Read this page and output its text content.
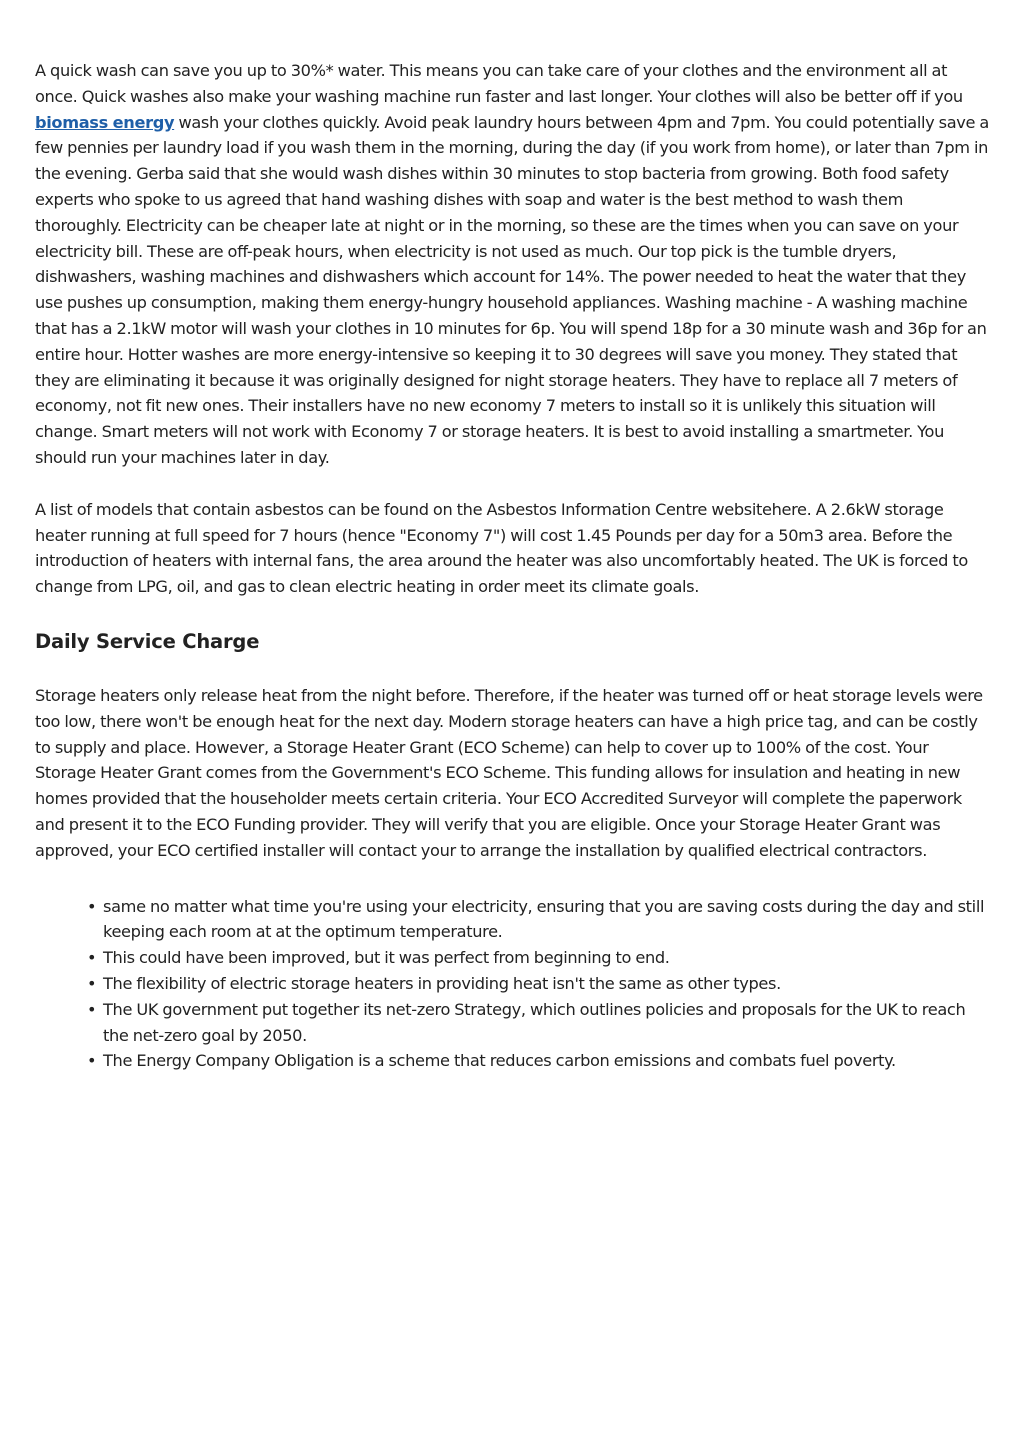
A quick wash can save you up to 30%* water. This means you can take care of your clothes and the environment all at once. Quick washes also make your washing machine run faster and last longer. Your clothes will also be better off if you biomass energy wash your clothes quickly. Avoid peak laundry hours between 4pm and 7pm. You could potentially save a few pennies per laundry load if you wash them in the morning, during the day (if you work from home), or later than 7pm in the evening. Gerba said that she would wash dishes within 30 minutes to stop bacteria from growing. Both food safety experts who spoke to us agreed that hand washing dishes with soap and water is the best method to wash them thoroughly. Electricity can be cheaper late at night or in the morning, so these are the times when you can save on your electricity bill. These are off-peak hours, when electricity is not used as much. Our top pick is the tumble dryers, dishwashers, washing machines and dishwashers which account for 14%. The power needed to heat the water that they use pushes up consumption, making them energy-hungry household appliances. Washing machine - A washing machine that has a 2.1kW motor will wash your clothes in 10 minutes for 6p. You will spend 18p for a 30 minute wash and 36p for an entire hour. Hotter washes are more energy-intensive so keeping it to 30 degrees will save you money. They stated that they are eliminating it because it was originally designed for night storage heaters. They have to replace all 7 meters of economy, not fit new ones. Their installers have no new economy 7 meters to install so it is unlikely this situation will change. Smart meters will not work with Economy 7 or storage heaters. It is best to avoid installing a smartmeter. You should run your machines later in day.

A list of models that contain asbestos can be found on the Asbestos Information Centre websitehere. A 2.6kW storage heater running at full speed for 7 hours (hence "Economy 7") will cost 1.45 Pounds per day for a 50m3 area. Before the introduction of heaters with internal fans, the area around the heater was also uncomfortably heated. The UK is forced to change from LPG, oil, and gas to clean electric heating in order meet its climate goals.

Daily Service Charge

Storage heaters only release heat from the night before. Therefore, if the heater was turned off or heat storage levels were too low, there won't be enough heat for the next day. Modern storage heaters can have a high price tag, and can be costly to supply and place. However, a Storage Heater Grant (ECO Scheme) can help to cover up to 100% of the cost. Your Storage Heater Grant comes from the Government's ECO Scheme. This funding allows for insulation and heating in new homes provided that the householder meets certain criteria. Your ECO Accredited Surveyor will complete the paperwork and present it to the ECO Funding provider. They will verify that you are eligible. Once your Storage Heater Grant was approved, your ECO certified installer will contact your to arrange the installation by qualified electrical contractors.

• same no matter what time you're using your electricity, ensuring that you are saving costs during the day and still keeping each room at at the optimum temperature.
• This could have been improved, but it was perfect from beginning to end.
• The flexibility of electric storage heaters in providing heat isn't the same as other types.
• The UK government put together its net-zero Strategy, which outlines policies and proposals for the UK to reach the net-zero goal by 2050.
• The Energy Company Obligation is a scheme that reduces carbon emissions and combats fuel poverty.
